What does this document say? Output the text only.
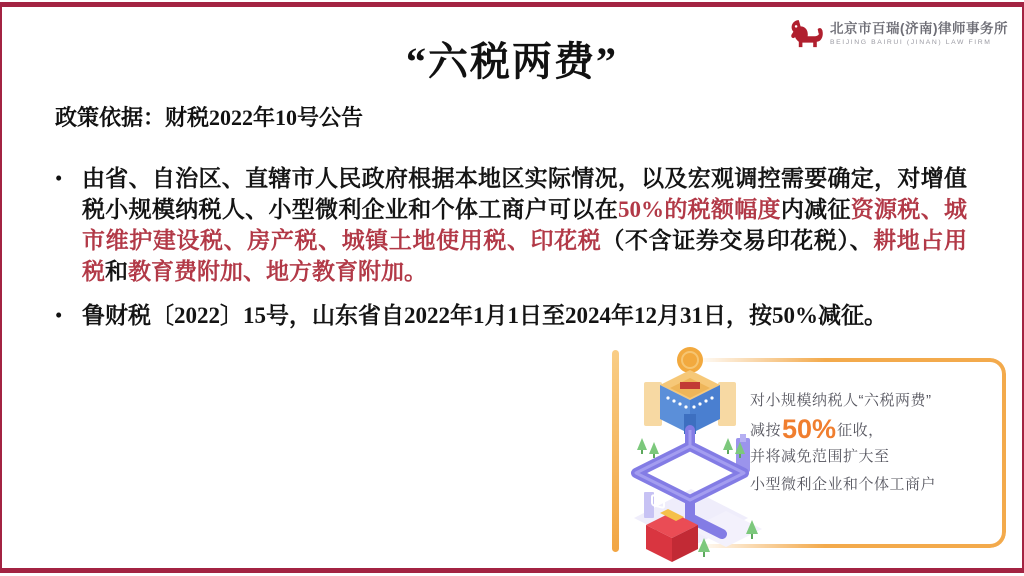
北京市百瑞(济南)律师事务所
BEIJING BAIRUI (JINAN) LAW FIRM
“六税两费”
政策依据：财税2022年10号公告
• 由省、自治区、直辖市人民政府根据本地区实际情况，以及宏观调控需要确定，对增值税小规模纳税人、小型微利企业和个体工商户可以在50%的税额幅度内减征资源税、城市维护建设税、房产税、城镇土地使用税、印花税（不含证券交易印花税）、耕地占用税和教育费附加、地方教育附加。
• 鲁财税〔2022〕15号，山东省自2022年1月1日至2024年12月31日，按50%减征。
对小规模纳税人“六税两费”
减按50%征收，
并将减免范围扩大至
小型微利企业和个体工商户
